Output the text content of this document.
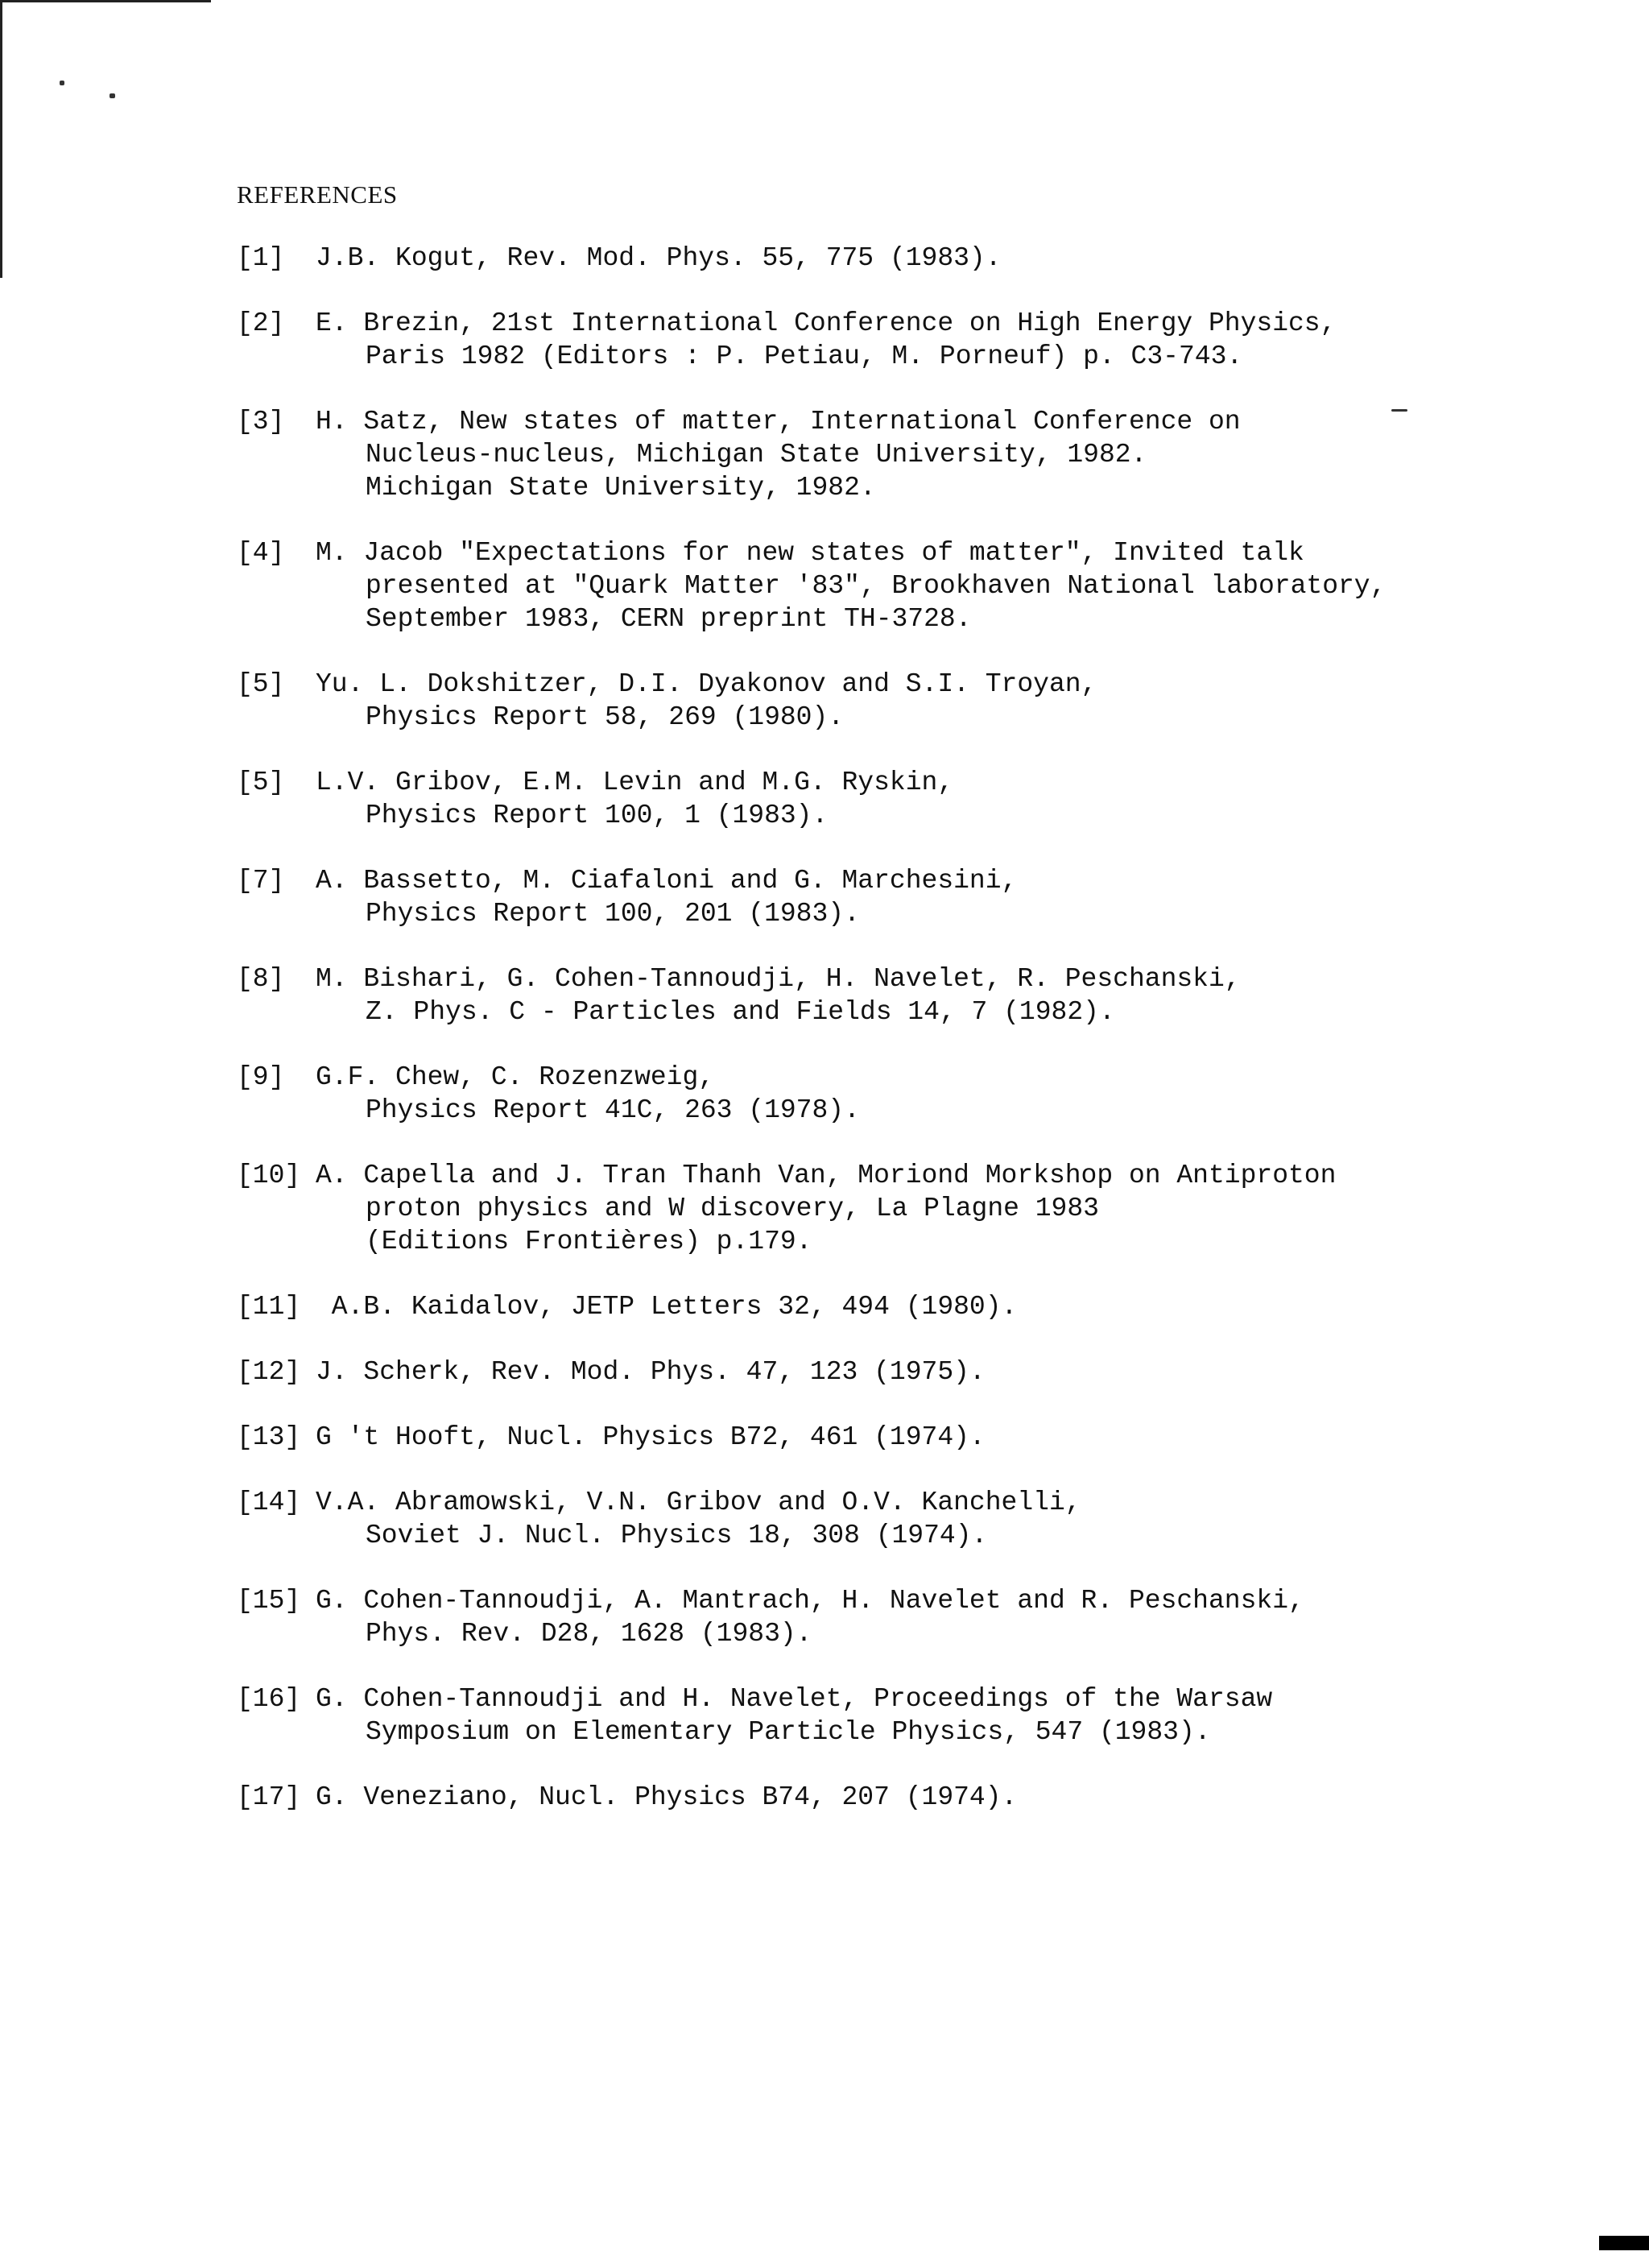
REFERENCES
[1] J.B. Kogut, Rev. Mod. Phys. 55, 775 (1983).
[2] E. Brezin, 21st International Conference on High Energy Physics,
Paris 1982 (Editors : P. Petiau, M. Porneuf) p. C3-743.
[3] H. Satz, New states of matter, International Conference on
Nucleus-nucleus, Michigan State University, 1982.
Michigan State University, 1982.
[4] M. Jacob "Expectations for new states of matter", Invited talk
presented at "Quark Matter '83", Brookhaven National laboratory,
September 1983, CERN preprint TH-3728.
[5] Yu. L. Dokshitzer, D.I. Dyakonov and S.I. Troyan,
Physics Report 58, 269 (1980).
[5] L.V. Gribov, E.M. Levin and M.G. Ryskin,
Physics Report 100, 1 (1983).
[7] A. Bassetto, M. Ciafaloni and G. Marchesini,
Physics Report 100, 201 (1983).
[8] M. Bishari, G. Cohen-Tannoudji, H. Navelet, R. Peschanski,
Z. Phys. C - Particles and Fields 14, 7 (1982).
[9] G.F. Chew, C. Rozenzweig,
Physics Report 41C, 263 (1978).
[10] A. Capella and J. Tran Thanh Van, Moriond Morkshop on Antiproton
proton physics and W discovery, La Plagne 1983
(Editions Frontières) p.179.
[11] A.B. Kaidalov, JETP Letters 32, 494 (1980).
[12] J. Scherk, Rev. Mod. Phys. 47, 123 (1975).
[13] G 't Hooft, Nucl. Physics B72, 461 (1974).
[14] V.A. Abramowski, V.N. Gribov and O.V. Kanchelli,
Soviet J. Nucl. Physics 18, 308 (1974).
[15] G. Cohen-Tannoudji, A. Mantrach, H. Navelet and R. Peschanski,
Phys. Rev. D28, 1628 (1983).
[16] G. Cohen-Tannoudji and H. Navelet, Proceedings of the Warsaw
Symposium on Elementary Particle Physics, 547 (1983).
[17] G. Veneziano, Nucl. Physics B74, 207 (1974).
